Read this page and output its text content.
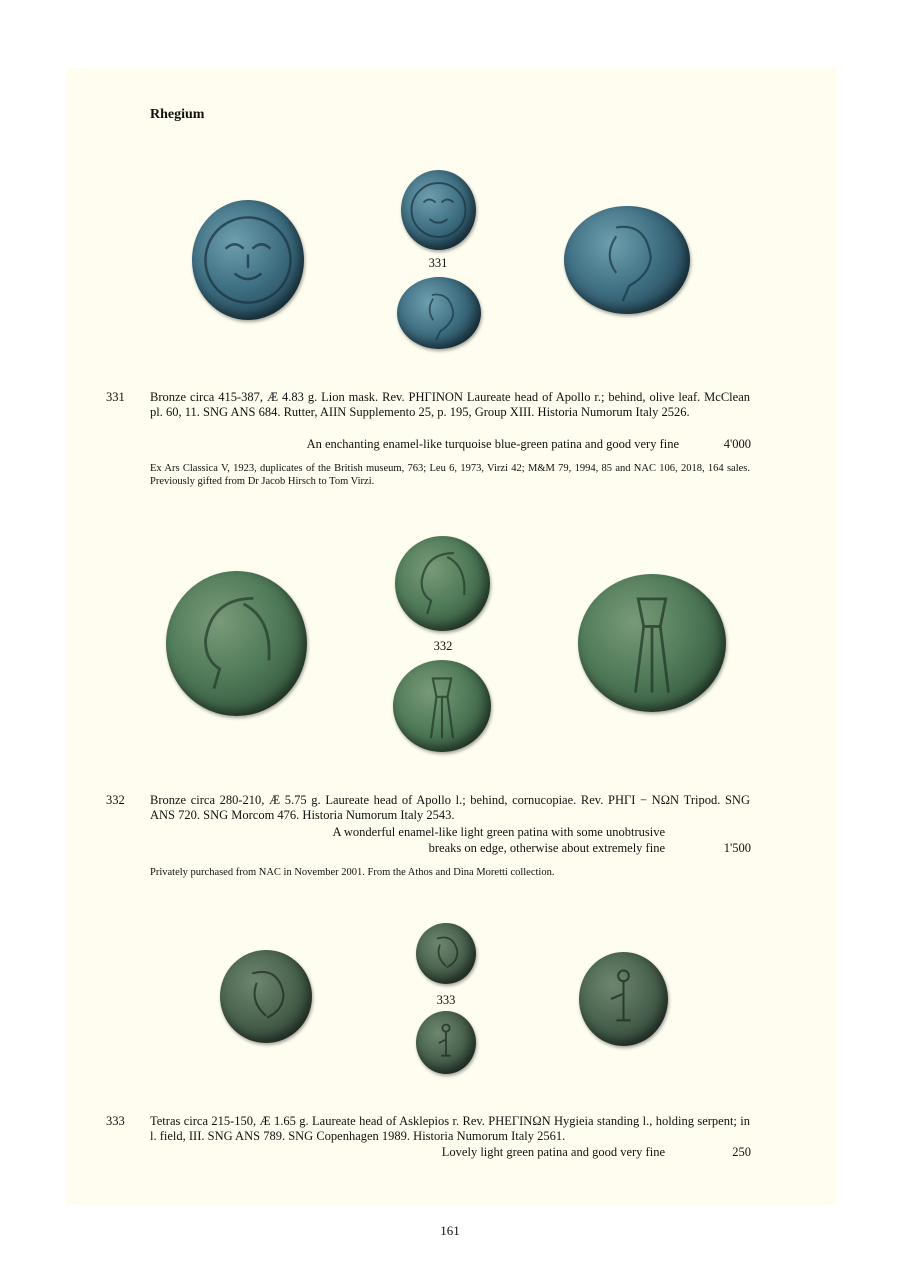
Rhegium
331
331 Bronze circa 415-387, Æ 4.83 g. Lion mask. Rev. ΡΗΓΙΝΟΝ Laureate head of Apollo r.; behind, olive leaf. McClean pl. 60, 11. SNG ANS 684. Rutter, AIIN Supplemento 25, p. 195, Group XIII. Historia Numorum Italy 2526.
An enchanting enamel-like turquoise blue-green patina and good very fine	4'000
Ex Ars Classica V, 1923, duplicates of the British museum, 763; Leu 6, 1973, Virzi 42; M&M 79, 1994, 85 and NAC 106, 2018, 164 sales. Previously gifted from Dr Jacob Hirsch to Tom Virzi.
332
332 Bronze circa 280-210, Æ 5.75 g. Laureate head of Apollo l.; behind, cornucopiae. Rev. ΡΗΓΙ − ΝΩΝ Tripod. SNG ANS 720. SNG Morcom 476. Historia Numorum Italy 2543.
A wonderful enamel-like light green patina with some unobtrusive
breaks on edge, otherwise about extremely fine	1'500
Privately purchased from NAC in November 2001. From the Athos and Dina Moretti collection.
333
333 Tetras circa 215-150, Æ 1.65 g. Laureate head of Asklepios r. Rev. ΡΗΕΓΙΝΩΝ Hygieia standing l., holding serpent; in l. field, III. SNG ANS 789. SNG Copenhagen 1989. Historia Numorum Italy 2561.
Lovely light green patina and good very fine	250
161
